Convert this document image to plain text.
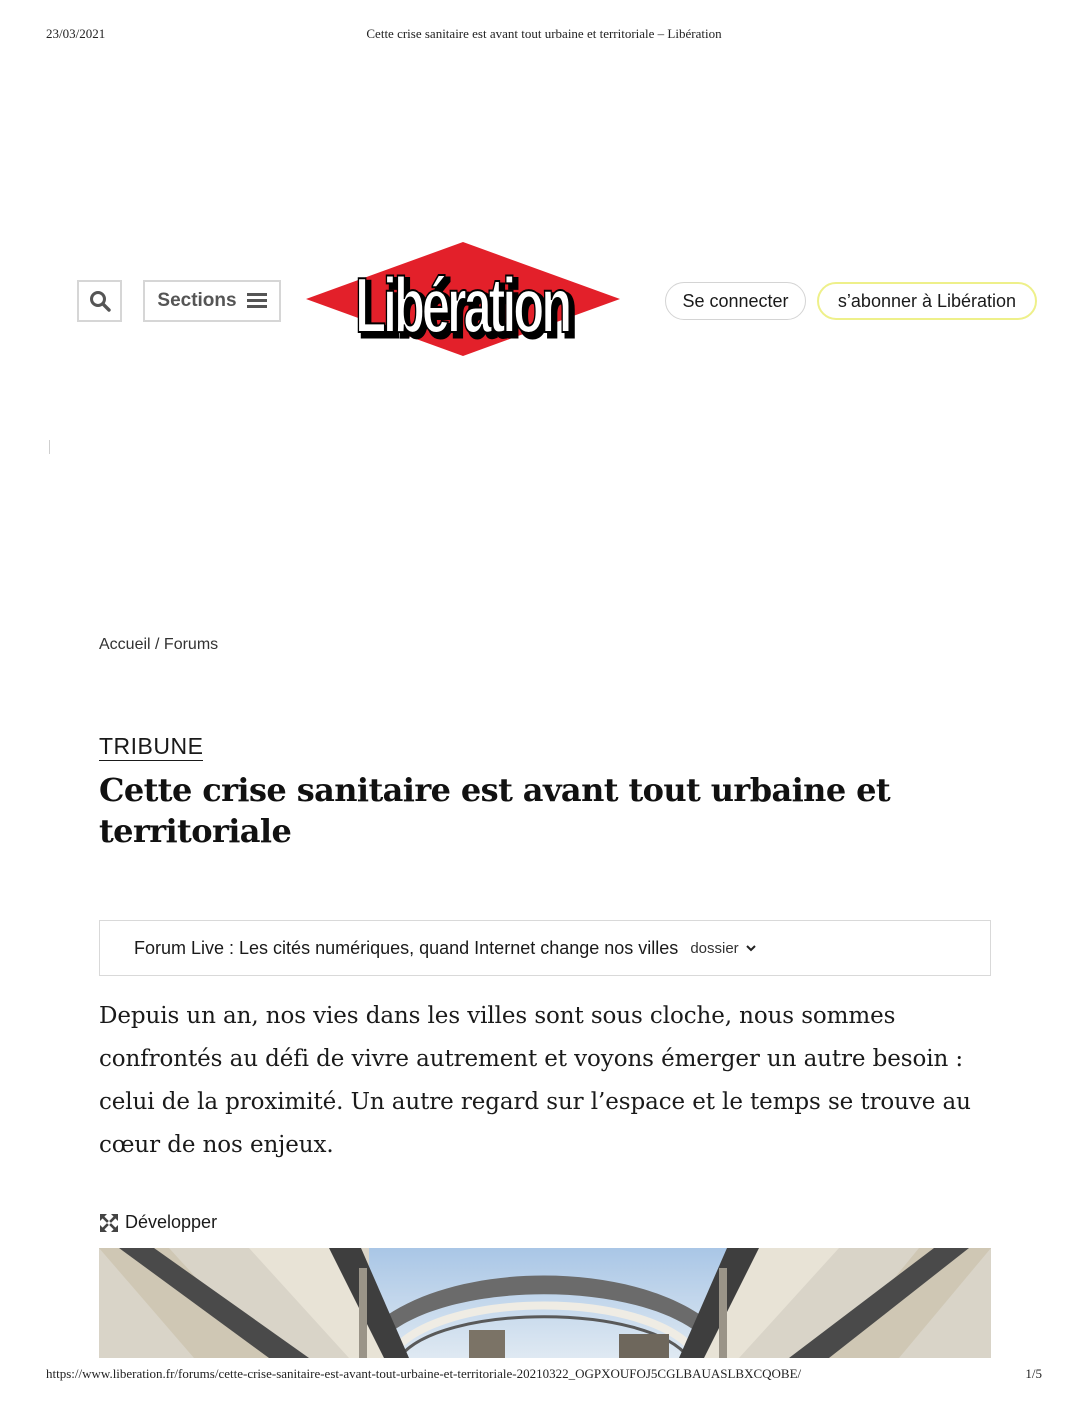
23/03/2021	Cette crise sanitaire est avant tout urbaine et territoriale – Libération
Sections Libération
Libération	Se connecter	s’abonner à Libération
Accueil / Forums
TRIBUNE
Cette crise sanitaire est avant tout urbaine et territoriale
Forum Live : Les cités numériques, quand Internet change nos villes dossier

Depuis un an, nos vies dans les villes sont sous cloche, nous sommes confrontés au défi de vivre autrement et voyons émerger un autre besoin : celui de la proximité. Un autre regard sur l’espace et le temps se trouve au cœur de nos enjeux.

Développer
https://www.liberation.fr/forums/cette-crise-sanitaire-est-avant-tout-urbaine-et-territoriale-20210322_OGPXOUFOJ5CGLBAUASLBXCQOBE/	1/5
